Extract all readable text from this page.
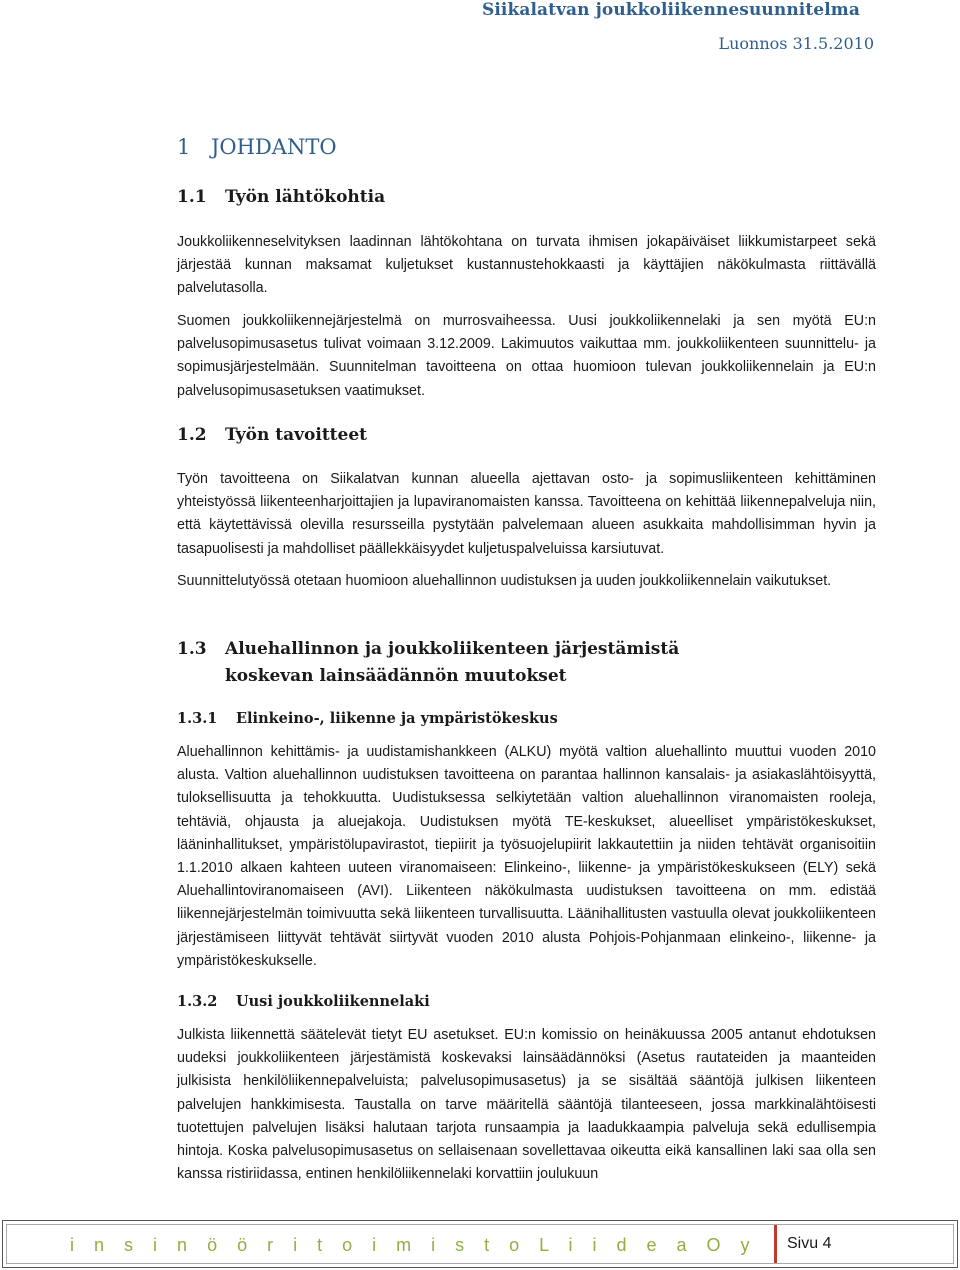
Siikalatvan joukkoliikennesuunnitelma
Luonnos 31.5.2010
1 JOHDANTO
1.1 Työn lähtökohtia

Joukkoliikenneselvityksen laadinnan lähtökohtana on turvata ihmisen jokapäiväiset liikkumistarpeet sekä järjestää kunnan maksamat kuljetukset kustannustehokkaasti ja käyttäjien näkökulmasta riittävällä palvelutasolla.

Suomen joukkoliikennejärjestelmä on murrosvaiheessa. Uusi joukkoliikennelaki ja sen myötä EU:n palvelusopimusasetus tulivat voimaan 3.12.2009. Lakimuutos vaikuttaa mm. joukkoliikenteen suunnittelu- ja sopimusjärjestelmään. Suunnitelman tavoitteena on ottaa huomioon tulevan joukkoliikennelain ja EU:n palvelusopimusasetuksen vaatimukset.

1.2 Työn tavoitteet

Työn tavoitteena on Siikalatvan kunnan alueella ajettavan osto- ja sopimusliikenteen kehittäminen yhteistyössä liikenteenharjoittajien ja lupaviranomaisten kanssa. Tavoitteena on kehittää liikennepalveluja niin, että käytettävissä olevilla resursseilla pystytään palvelemaan alueen asukkaita mahdollisimman hyvin ja tasapuolisesti ja mahdolliset päällekkäisyydet kuljetuspalveluissa karsiutuvat.

Suunnittelutyössä otetaan huomioon aluehallinnon uudistuksen ja uuden joukkoliikennelain vaikutukset.

1.3 Aluehallinnon ja joukkoliikenteen järjestämistä koskevan lainsäädännön muutokset
1.3.1 Elinkeino-, liikenne ja ympäristökeskus

Aluehallinnon kehittämis- ja uudistamishankkeen (ALKU) myötä valtion aluehallinto muuttui vuoden 2010 alusta. Valtion aluehallinnon uudistuksen tavoitteena on parantaa hallinnon kansalais- ja asiakaslähtöisyyttä, tuloksellisuutta ja tehokkuutta. Uudistuksessa selkiytetään valtion aluehallinnon viranomaisten rooleja, tehtäviä, ohjausta ja aluejakoja. Uudistuksen myötä TE-keskukset, alueelliset ympäristökeskukset, lääninhallitukset, ympäristölupavirastot, tiepiirit ja työsuojelupiirit lakkautettiin ja niiden tehtävät organisoitiin 1.1.2010 alkaen kahteen uuteen viranomaiseen: Elinkeino-, liikenne- ja ympäristökeskukseen (ELY) sekä Aluehallintoviranomaiseen (AVI). Liikenteen näkökulmasta uudistuksen tavoitteena on mm. edistää liikennejärjestelmän toimivuutta sekä liikenteen turvallisuutta. Läänihallitusten vastuulla olevat joukkoliikenteen järjestämiseen liittyvät tehtävät siirtyvät vuoden 2010 alusta Pohjois-Pohjanmaan elinkeino-, liikenne- ja ympäristökeskukselle.

1.3.2 Uusi joukkoliikennelaki

Julkista liikennettä säätelevät tietyt EU asetukset. EU:n komissio on heinäkuussa 2005 antanut ehdotuksen uudeksi joukkoliikenteen järjestämistä koskevaksi lainsäädännöksi (Asetus rautateiden ja maanteiden julkisista henkilöliikennepalveluista; palvelusopimusasetus) ja se sisältää sääntöjä julkisen liikenteen palvelujen hankkimisesta. Taustalla on tarve määritellä sääntöjä tilanteeseen, jossa markkinalähtöisesti tuotettujen palvelujen lisäksi halutaan tarjota runsaampia ja laadukkaampia palveluja sekä edullisempia hintoja. Koska palvelusopimusasetus on sellaisenaan sovellettavaa oikeutta eikä kansallinen laki saa olla sen kanssa ristiriidassa, entinen henkilöliikennelaki korvattiin joulukuun

i n s i n ö ö r i t o i m i s t o L i i d e a O y Sivu 4
